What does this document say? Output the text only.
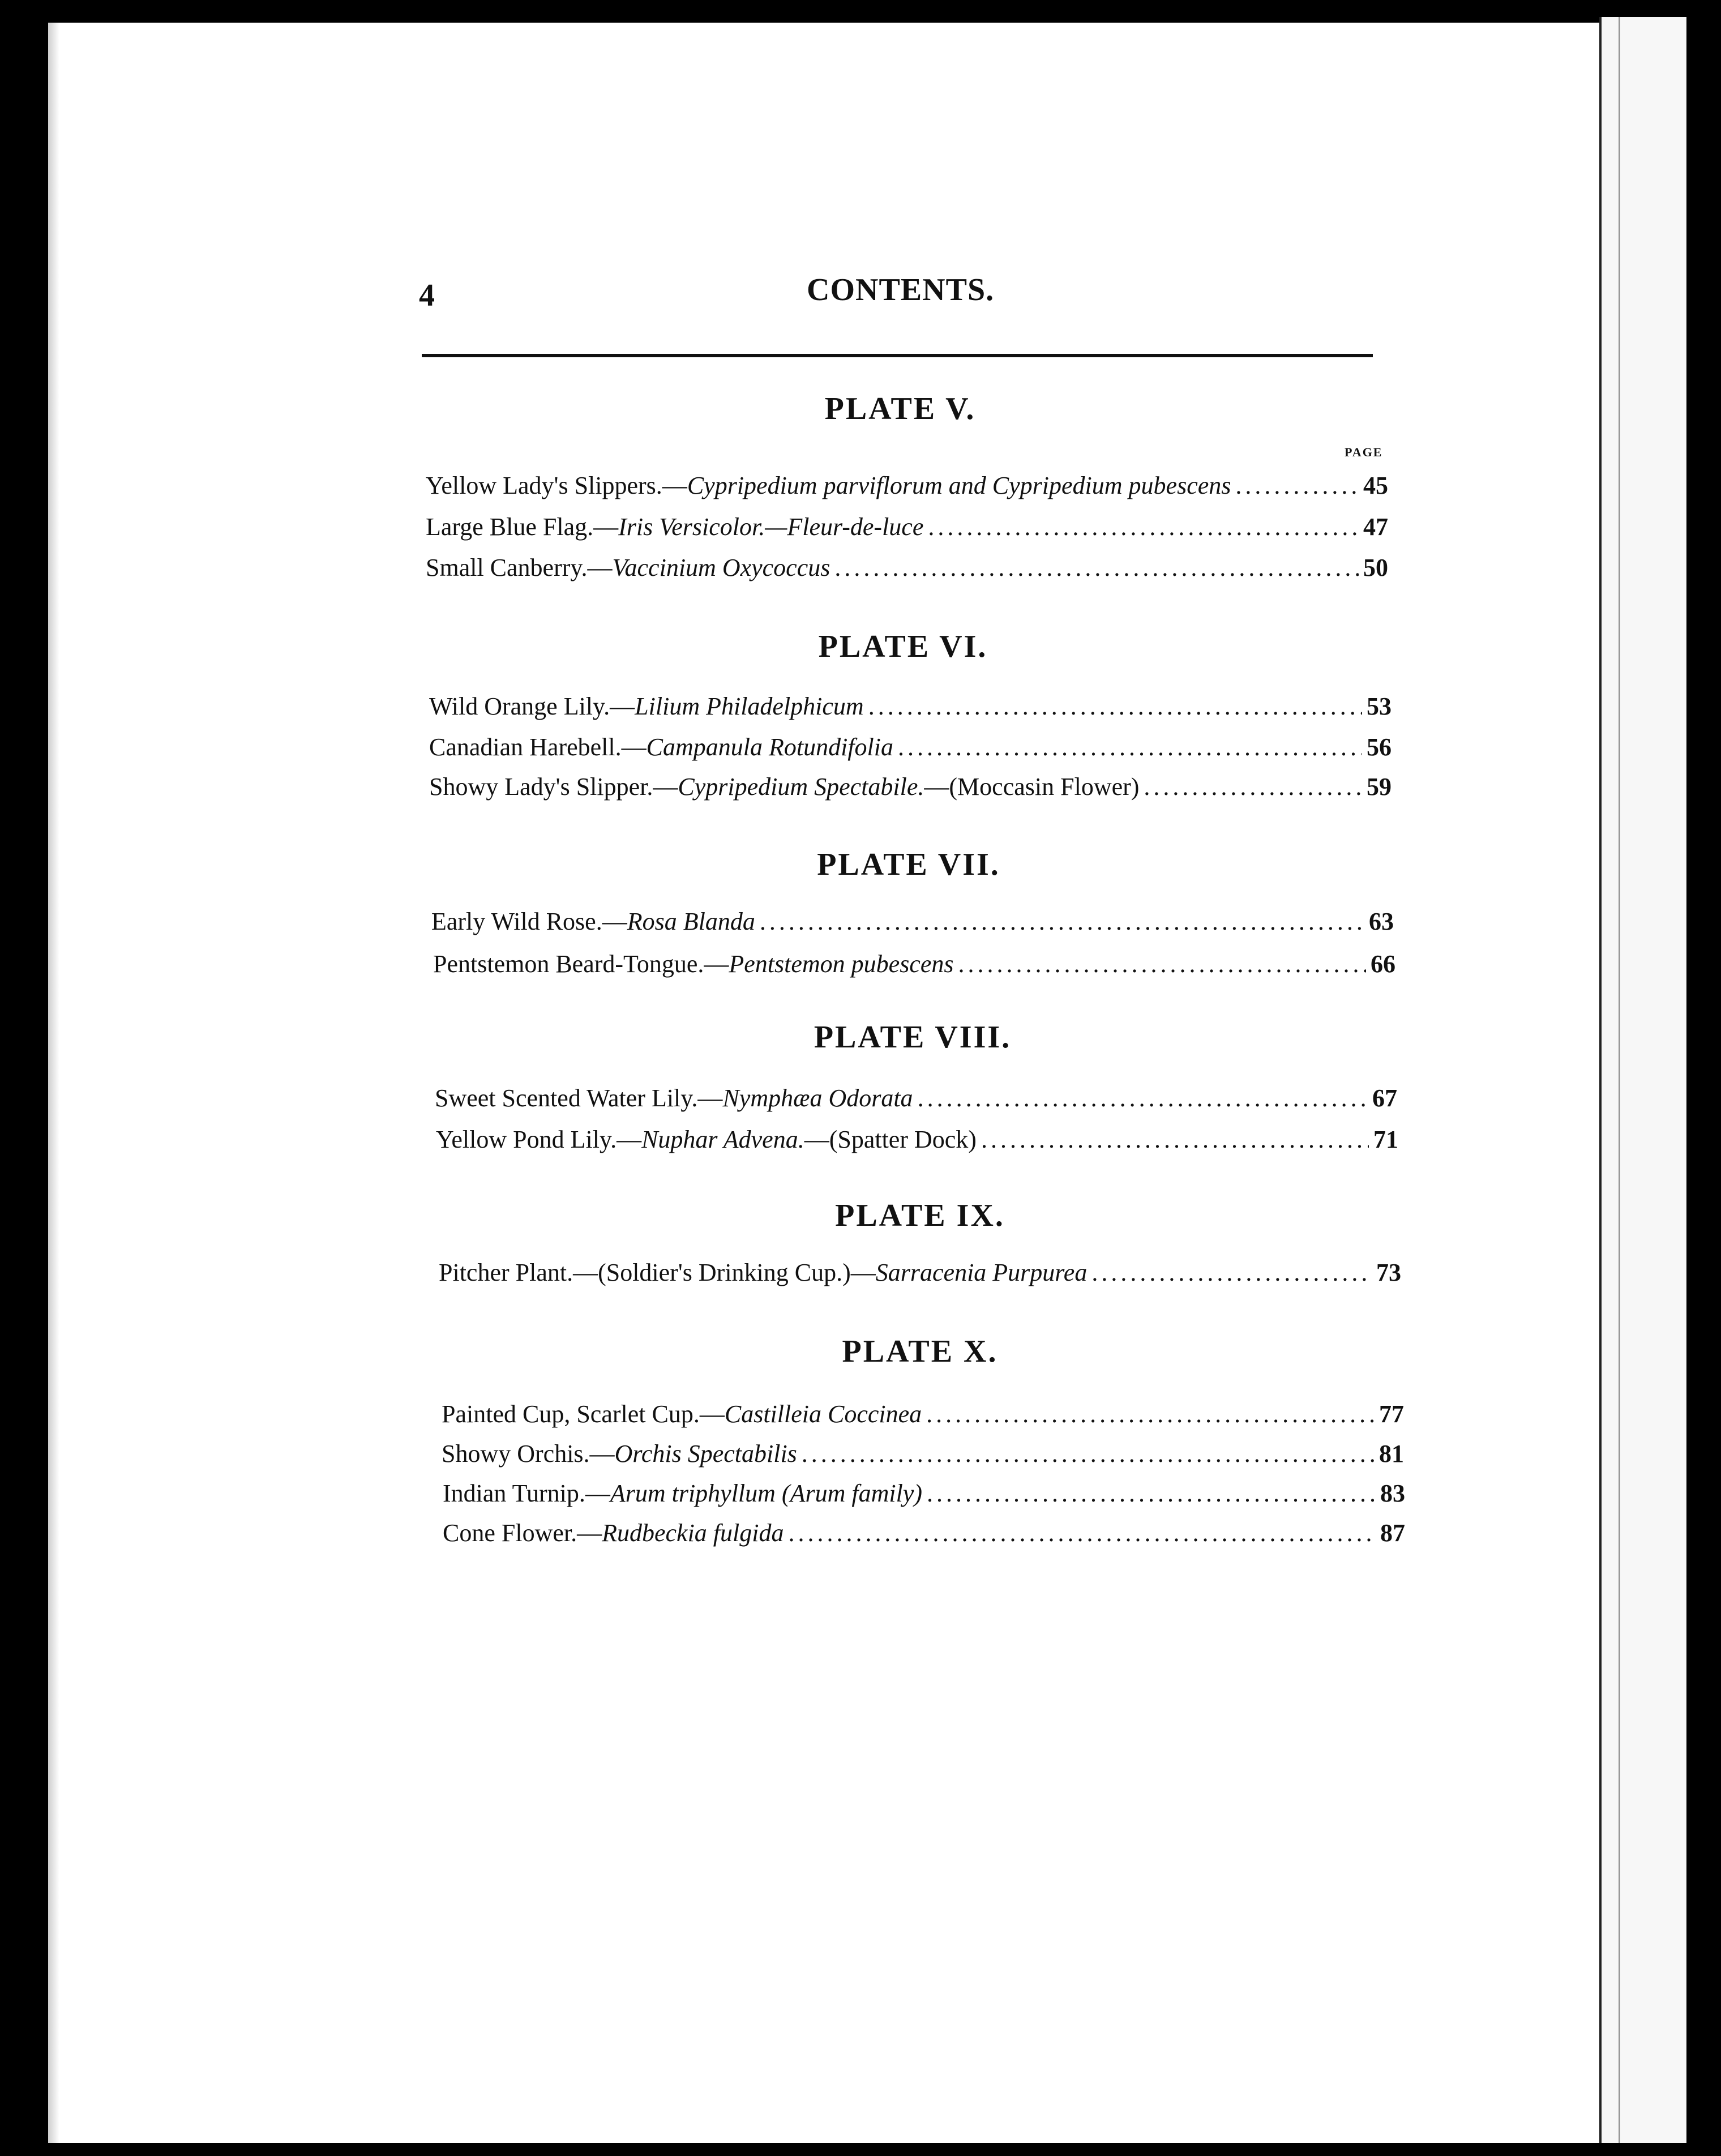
4	CONTENTS.
PAGE
PLATE V.
Yellow Lady's Slippers.— Cypripedium parviflorum and Cypripedium pubescens .....	45
Large Blue Flag.— Iris Versicolor.—Fleur-de-luce .....	47
Small Canberry.— Vaccinium Oxycoccus .....	50
PLATE VI.
Wild Orange Lily.— Lilium Philadelphicum .....	53
Canadian Harebell.— Campanula Rotundifolia .....	56
Showy Lady's Slipper.— Cypripedium Spectabile. —(Moccasin Flower) .....	59
PLATE VII.
Early Wild Rose.— Rosa Blanda .....	63
Pentstemon Beard-Tongue.— Pentstemon pubescens .....	66
PLATE VIII.
Sweet Scented Water Lily.— Nymphæa Odorata .....	67
Yellow Pond Lily.— Nuphar Advena. —(Spatter Dock) .....	71
PLATE IX.
Pitcher Plant.—(Soldier's Drinking Cup.)— Sarracenia Purpurea .....	73
PLATE X.
Painted Cup, Scarlet Cup.— Castilleia Coccinea .....	77
Showy Orchis.— Orchis Spectabilis .....	81
Indian Turnip.— Arum triphyllum (Arum family) .....	83
Cone Flower.— Rudbeckia fulgida .....	87
